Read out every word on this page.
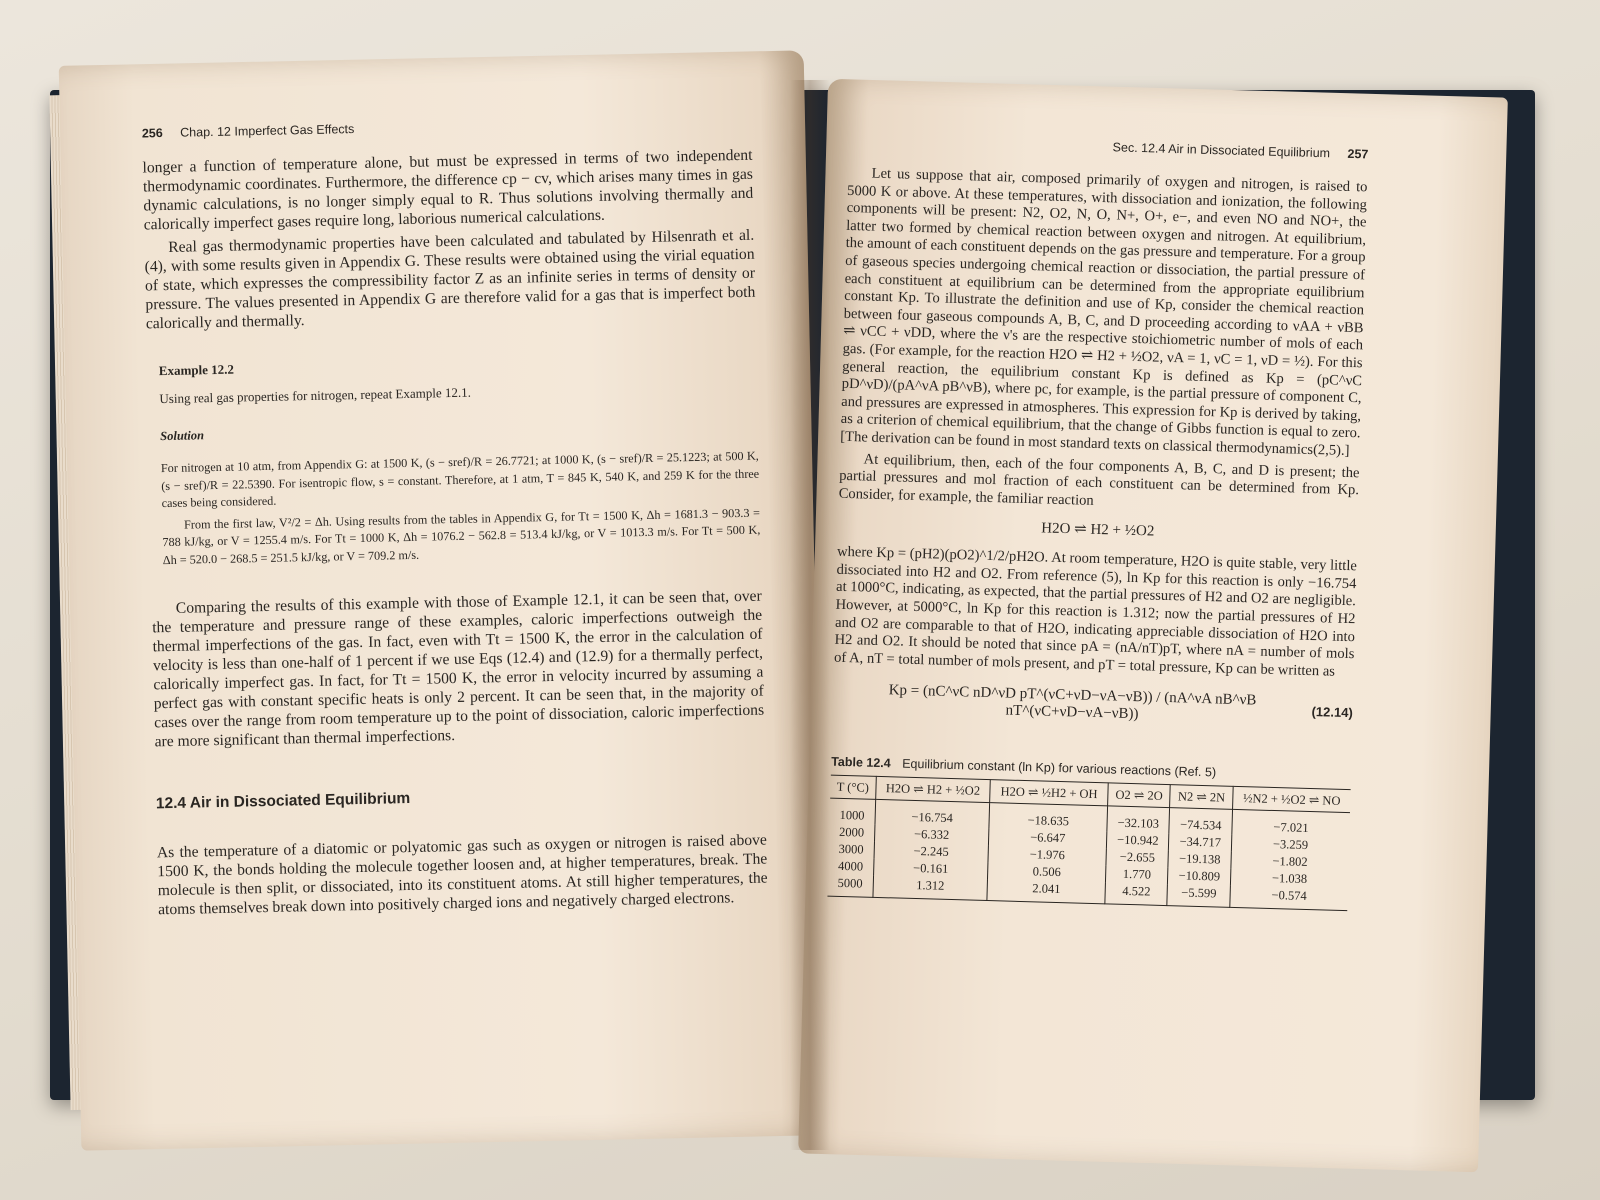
256 Chap. 12 Imperfect Gas Effects

longer a function of temperature alone, but must be expressed in terms of two independent thermodynamic coordinates. Furthermore, the difference cp − cv, which arises many times in gas dynamic calculations, is no longer simply equal to R. Thus solutions involving thermally and calorically imperfect gases require long, laborious numerical calculations.

Real gas thermodynamic properties have been calculated and tabulated by Hilsenrath et al.(4), with some results given in Appendix G. These results were obtained using the virial equation of state, which expresses the compressibility factor Z as an infinite series in terms of density or pressure. The values presented in Appendix G are therefore valid for a gas that is imperfect both calorically and thermally.

Example 12.2
Using real gas properties for nitrogen, repeat Example 12.1.
Solution

For nitrogen at 10 atm, from Appendix G: at 1500 K, (s − sref)/R = 26.7721; at 1000 K, (s − sref)/R = 25.1223; at 500 K, (s − sref)/R = 22.5390. For isentropic flow, s = constant. Therefore, at 1 atm, T = 845 K, 540 K, and 259 K for the three cases being considered.

From the first law, V²/2 = Δh. Using results from the tables in Appendix G, for Tt = 1500 K, Δh = 1681.3 − 903.3 = 788 kJ/kg, or V = 1255.4 m/s. For Tt = 1000 K, Δh = 1076.2 − 562.8 = 513.4 kJ/kg, or V = 1013.3 m/s. For Tt = 500 K, Δh = 520.0 − 268.5 = 251.5 kJ/kg, or V = 709.2 m/s.

Comparing the results of this example with those of Example 12.1, it can be seen that, over the temperature and pressure range of these examples, caloric imperfections outweigh the thermal imperfections of the gas. In fact, even with Tt = 1500 K, the error in the calculation of velocity is less than one-half of 1 percent if we use Eqs (12.4) and (12.9) for a thermally perfect, calorically imperfect gas. In fact, for Tt = 1500 K, the error in velocity incurred by assuming a perfect gas with constant specific heats is only 2 percent. It can be seen that, in the majority of cases over the range from room temperature up to the point of dissociation, caloric imperfections are more significant than thermal imperfections.

12.4 Air in Dissociated Equilibrium

As the temperature of a diatomic or polyatomic gas such as oxygen or nitrogen is raised above 1500 K, the bonds holding the molecule together loosen and, at higher temperatures, break. The molecule is then split, or dissociated, into its constituent atoms. At still higher temperatures, the atoms themselves break down into positively charged ions and negatively charged electrons.

Sec. 12.4 Air in Dissociated Equilibrium 257

Let us suppose that air, composed primarily of oxygen and nitrogen, is raised to 5000 K or above. At these temperatures, with dissociation and ionization, the following components will be present: N2, O2, N, O, N+, O+, e−, and even NO and NO+, the latter two formed by chemical reaction between oxygen and nitrogen. At equilibrium, the amount of each constituent depends on the gas pressure and temperature. For a group of gaseous species undergoing chemical reaction or dissociation, the partial pressure of each constituent at equilibrium can be determined from the appropriate equilibrium constant Kp. To illustrate the definition and use of Kp, consider the chemical reaction between four gaseous compounds A, B, C, and D proceeding according to νAA + νBB ⇌ νCC + νDD, where the ν's are the respective stoichiometric number of mols of each gas. (For example, for the reaction H2O ⇌ H2 + ½O2, νA = 1, νC = 1, νD = ½). For this general reaction, the equilibrium constant Kp is defined as Kp = (pC^νC pD^νD)/(pA^νA pB^νB), where pc, for example, is the partial pressure of component C, and pressures are expressed in atmospheres. This expression for Kp is derived by taking, as a criterion of chemical equilibrium, that the change of Gibbs function is equal to zero. [The derivation can be found in most standard texts on classical thermodynamics(2,5).]

At equilibrium, then, each of the four components A, B, C, and D is present; the partial pressures and mol fraction of each constituent can be determined from Kp. Consider, for example, the familiar reaction

H2O ⇌ H2 + ½O2

where Kp = (pH2)(pO2)^1/2/pH2O. At room temperature, H2O is quite stable, very little dissociated into H2 and O2. From reference (5), ln Kp for this reaction is only −16.754 at 1000°C, indicating, as expected, that the partial pressures of H2 and O2 are negligible. However, at 5000°C, ln Kp for this reaction is 1.312; now the partial pressures of H2 and O2 are comparable to that of H2O, indicating appreciable dissociation of H2O into H2 and O2. It should be noted that since pA = (nA/nT)pT, where nA = number of mols of A, nT = total number of mols present, and pT = total pressure, Kp can be written as

Kp = (nC^νC nD^νD pT^(νC+νD−νA−νB)) / (nA^νA nB^νB nT^(νC+νD−νA−νB))	(12.14)
Table 12.4 Equilibrium constant (ln Kp) for various reactions (Ref. 5)
T (°C)	H2O ⇌ H2 + ½O2	H2O ⇌ ½H2 + OH	O2 ⇌ 2O	N2 ⇌ 2N	½N2 + ½O2 ⇌ NO
1000	−16.754	−18.635	−32.103	−74.534	−7.021
2000	−6.332	−6.647	−10.942	−34.717	−3.259
3000	−2.245	−1.976	−2.655	−19.138	−1.802
4000	−0.161	0.506	1.770	−10.809	−1.038
5000	1.312	2.041	4.522	−5.599	−0.574
